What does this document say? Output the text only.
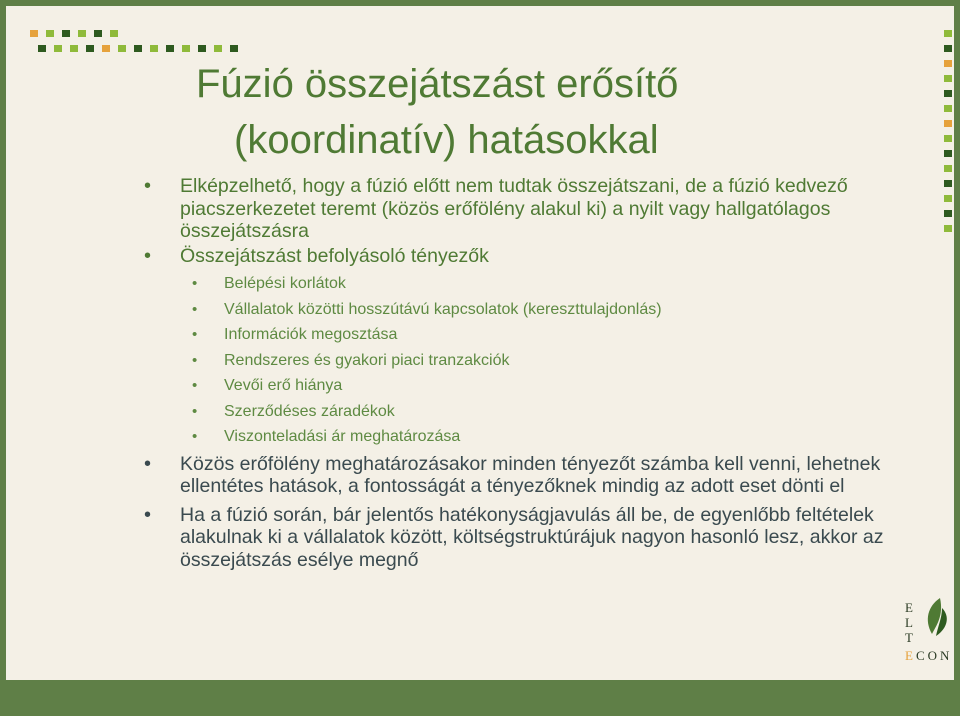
Fúzió összejátszást erősítő
(koordinatív) hatásokkal
• Elképzelhető, hogy a fúzió előtt nem tudtak összejátszani, de a fúzió kedvező piacszerkezetet teremt (közös erőfölény alakul ki) a nyilt vagy hallgatólagos összejátszásra
• Összejátszást befolyásoló tényezők
• Belépési korlátok
• Vállalatok közötti hosszútávú kapcsolatok (kereszttulajdonlás)
• Információk megosztása
• Rendszeres és gyakori piaci tranzakciók
• Vevői erő hiánya
• Szerződéses záradékok
• Viszonteladási ár meghatározása
• Közös erőfölény meghatározásakor minden tényezőt számba kell venni, lehetnek ellentétes hatások, a fontosságát a tényezőknek mindig az adott eset dönti el
• Ha a fúzió során, bár jelentős hatékonyságjavulás áll be, de egyenlőbb feltételek alakulnak ki a vállalatok között, költségstruktúrájuk nagyon hasonló lesz, akkor az összejátszás esélye megnő
E
L
T
ECON
